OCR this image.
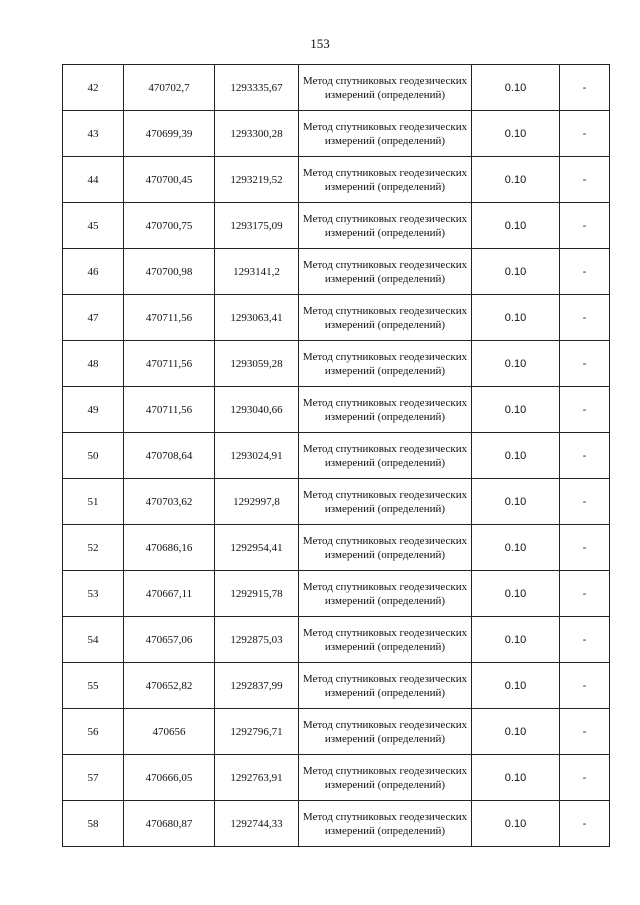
153
42	470702,7	1293335,67	Метод спутниковых геодезических измерений (определений)	0.10	-
43	470699,39	1293300,28	Метод спутниковых геодезических измерений (определений)	0.10	-
44	470700,45	1293219,52	Метод спутниковых геодезических измерений (определений)	0.10	-
45	470700,75	1293175,09	Метод спутниковых геодезических измерений (определений)	0.10	-
46	470700,98	1293141,2	Метод спутниковых геодезических измерений (определений)	0.10	-
47	470711,56	1293063,41	Метод спутниковых геодезических измерений (определений)	0.10	-
48	470711,56	1293059,28	Метод спутниковых геодезических измерений (определений)	0.10	-
49	470711,56	1293040,66	Метод спутниковых геодезических измерений (определений)	0.10	-
50	470708,64	1293024,91	Метод спутниковых геодезических измерений (определений)	0.10	-
51	470703,62	1292997,8	Метод спутниковых геодезических измерений (определений)	0.10	-
52	470686,16	1292954,41	Метод спутниковых геодезических измерений (определений)	0.10	-
53	470667,11	1292915,78	Метод спутниковых геодезических измерений (определений)	0.10	-
54	470657,06	1292875,03	Метод спутниковых геодезических измерений (определений)	0.10	-
55	470652,82	1292837,99	Метод спутниковых геодезических измерений (определений)	0.10	-
56	470656	1292796,71	Метод спутниковых геодезических измерений (определений)	0.10	-
57	470666,05	1292763,91	Метод спутниковых геодезических измерений (определений)	0.10	-
58	470680,87	1292744,33	Метод спутниковых геодезических измерений (определений)	0.10	-
